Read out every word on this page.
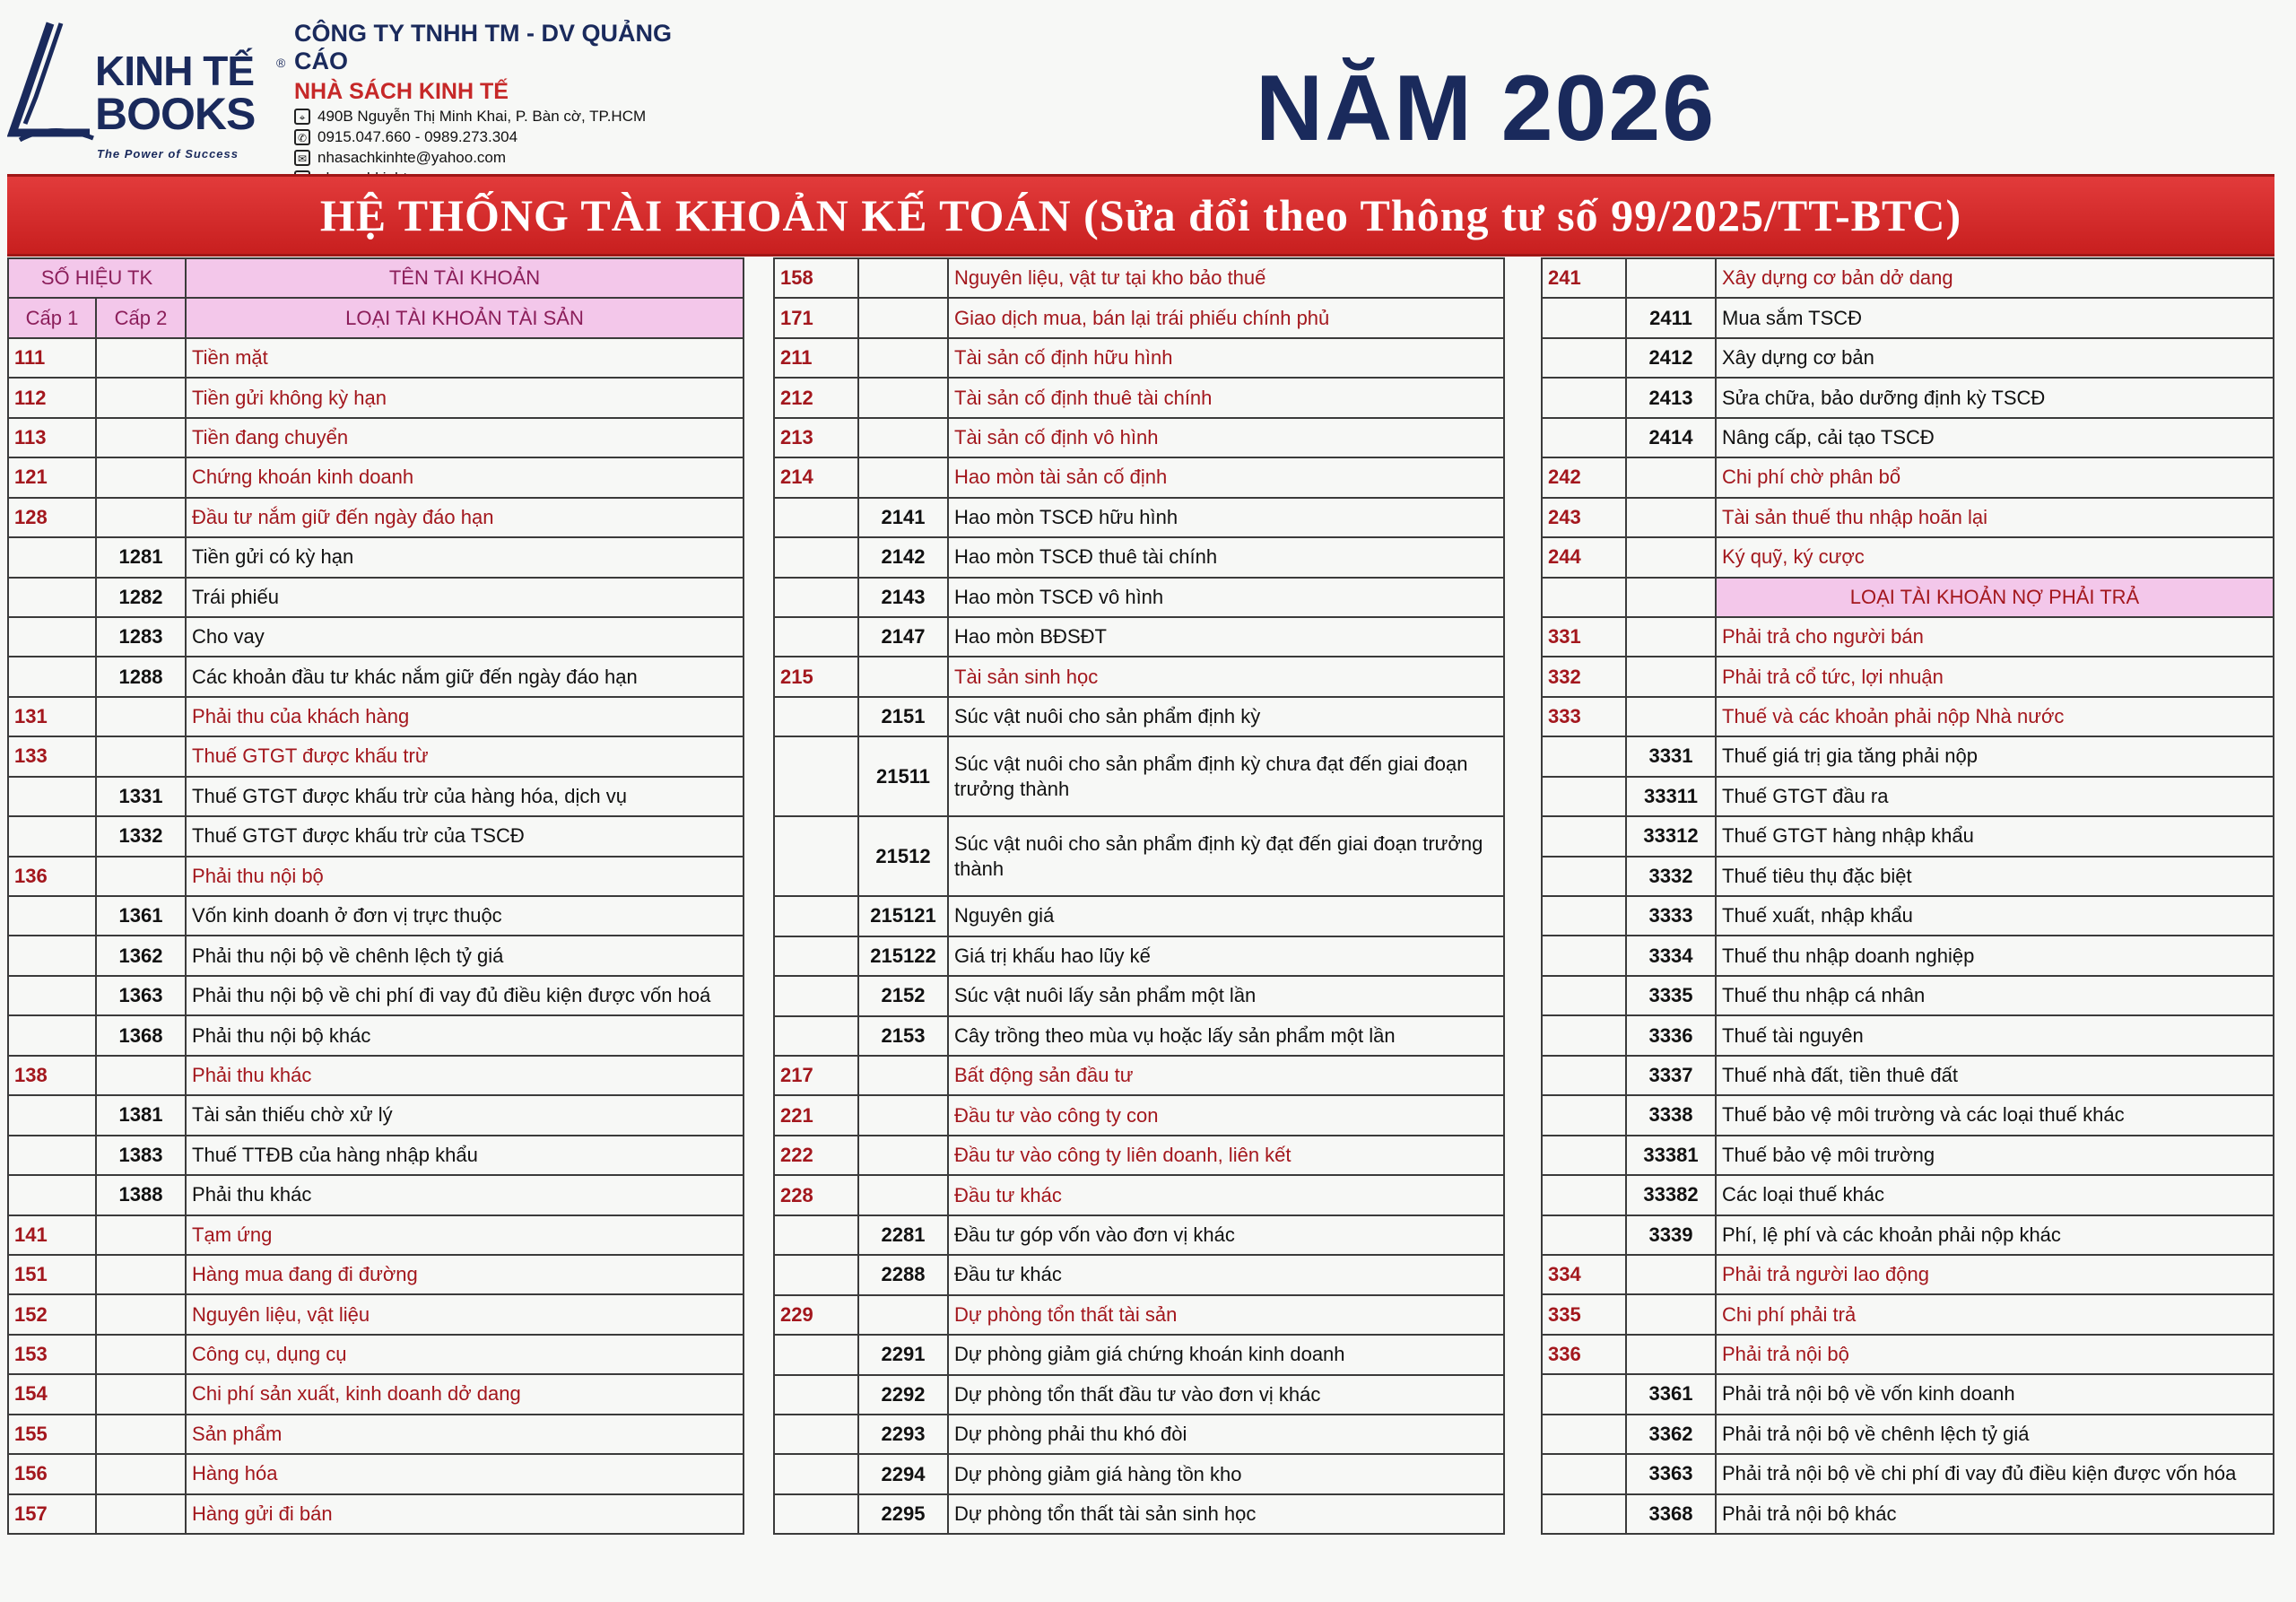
KINH TẾ
BOOKS
®
The Power of Success
CÔNG TY TNHH TM - DV QUẢNG CÁO
NHÀ SÁCH KINH TẾ
⌖ 490B Nguyễn Thị Minh Khai, P. Bàn cờ, TP.HCM
✆ 0915.047.660 - 0989.273.304
✉ nhasachkinhte@yahoo.com	NĂM 2026
HỆ THỐNG TÀI KHOẢN KẾ TOÁN (Sửa đổi theo Thông tư số 99/2025/TT-BTC)
SỐ HIỆU TK		TÊN TÀI KHOẢN
Cấp 1	Cấp 2	LOẠI TÀI KHOẢN TÀI SẢN
111		Tiền mặt
112		Tiền gửi không kỳ hạn
113		Tiền đang chuyển
121		Chứng khoán kinh doanh
128		Đầu tư nắm giữ đến ngày đáo hạn
	1281	Tiền gửi có kỳ hạn
	1282	Trái phiếu
	1283	Cho vay
	1288	Các khoản đầu tư khác nắm giữ đến ngày đáo hạn
131		Phải thu của khách hàng
133		Thuế GTGT được khấu trừ
	1331	Thuế GTGT được khấu trừ của hàng hóa, dịch vụ
	1332	Thuế GTGT được khấu trừ của TSCĐ
136		Phải thu nội bộ
	1361	Vốn kinh doanh ở đơn vị trực thuộc
	1362	Phải thu nội bộ về chênh lệch tỷ giá
	1363	Phải thu nội bộ về chi phí đi vay đủ điều kiện được vốn hoá
	1368	Phải thu nội bộ khác
138		Phải thu khác
	1381	Tài sản thiếu chờ xử lý
	1383	Thuế TTĐB của hàng nhập khẩu
	1388	Phải thu khác
141		Tạm ứng
151		Hàng mua đang đi đường
152		Nguyên liệu, vật liệu
153		Công cụ, dụng cụ
154		Chi phí sản xuất, kinh doanh dở dang
155		Sản phẩm
156		Hàng hóa
157		Hàng gửi đi bán
158		Nguyên liệu, vật tư tại kho bảo thuế
171		Giao dịch mua, bán lại trái phiếu chính phủ
211		Tài sản cố định hữu hình
212		Tài sản cố định thuê tài chính
213		Tài sản cố định vô hình
214		Hao mòn tài sản cố định
	2141	Hao mòn TSCĐ hữu hình
	2142	Hao mòn TSCĐ thuê tài chính
	2143	Hao mòn TSCĐ vô hình
	2147	Hao mòn BĐSĐT
215		Tài sản sinh học
	2151	Súc vật nuôi cho sản phẩm định kỳ
	21511	Súc vật nuôi cho sản phẩm định kỳ chưa đạt đến giai đoạn trưởng thành
	21512	Súc vật nuôi cho sản phẩm định kỳ đạt đến giai đoạn trưởng thành
	215121	Nguyên giá
	215122	Giá trị khấu hao lũy kế
	2152	Súc vật nuôi lấy sản phẩm một lần
	2153	Cây trồng theo mùa vụ hoặc lấy sản phẩm một lần
217		Bất động sản đầu tư
221		Đầu tư vào công ty con
222		Đầu tư vào công ty liên doanh, liên kết
228		Đầu tư khác
	2281	Đầu tư góp vốn vào đơn vị khác
	2288	Đầu tư khác
229		Dự phòng tổn thất tài sản
	2291	Dự phòng giảm giá chứng khoán kinh doanh
	2292	Dự phòng tổn thất đầu tư vào đơn vị khác
	2293	Dự phòng phải thu khó đòi
	2294	Dự phòng giảm giá hàng tồn kho
	2295	Dự phòng tổn thất tài sản sinh học
241		Xây dựng cơ bản dở dang
	2411	Mua sắm TSCĐ
	2412	Xây dựng cơ bản
	2413	Sửa chữa, bảo dưỡng định kỳ TSCĐ
	2414	Nâng cấp, cải tạo TSCĐ
242		Chi phí chờ phân bổ
243		Tài sản thuế thu nhập hoãn lại
244		Ký quỹ, ký cược
		LOẠI TÀI KHOẢN NỢ PHẢI TRẢ
331		Phải trả cho người bán
332		Phải trả cổ tức, lợi nhuận
333		Thuế và các khoản phải nộp Nhà nước
	3331	Thuế giá trị gia tăng phải nộp
	33311	Thuế GTGT đầu ra
	33312	Thuế GTGT hàng nhập khẩu
	3332	Thuế tiêu thụ đặc biệt
	3333	Thuế xuất, nhập khẩu
	3334	Thuế thu nhập doanh nghiệp
	3335	Thuế thu nhập cá nhân
	3336	Thuế tài nguyên
	3337	Thuế nhà đất, tiền thuê đất
	3338	Thuế bảo vệ môi trường và các loại thuế khác
	33381	Thuế bảo vệ môi trường
	33382	Các loại thuế khác
	3339	Phí, lệ phí và các khoản phải nộp khác
334		Phải trả người lao động
335		Chi phí phải trả
336		Phải trả nội bộ
	3361	Phải trả nội bộ về vốn kinh doanh
	3362	Phải trả nội bộ về chênh lệch tỷ giá
	3363	Phải trả nội bộ về chi phí đi vay đủ điều kiện được vốn hóa
	3368	Phải trả nội bộ khác
